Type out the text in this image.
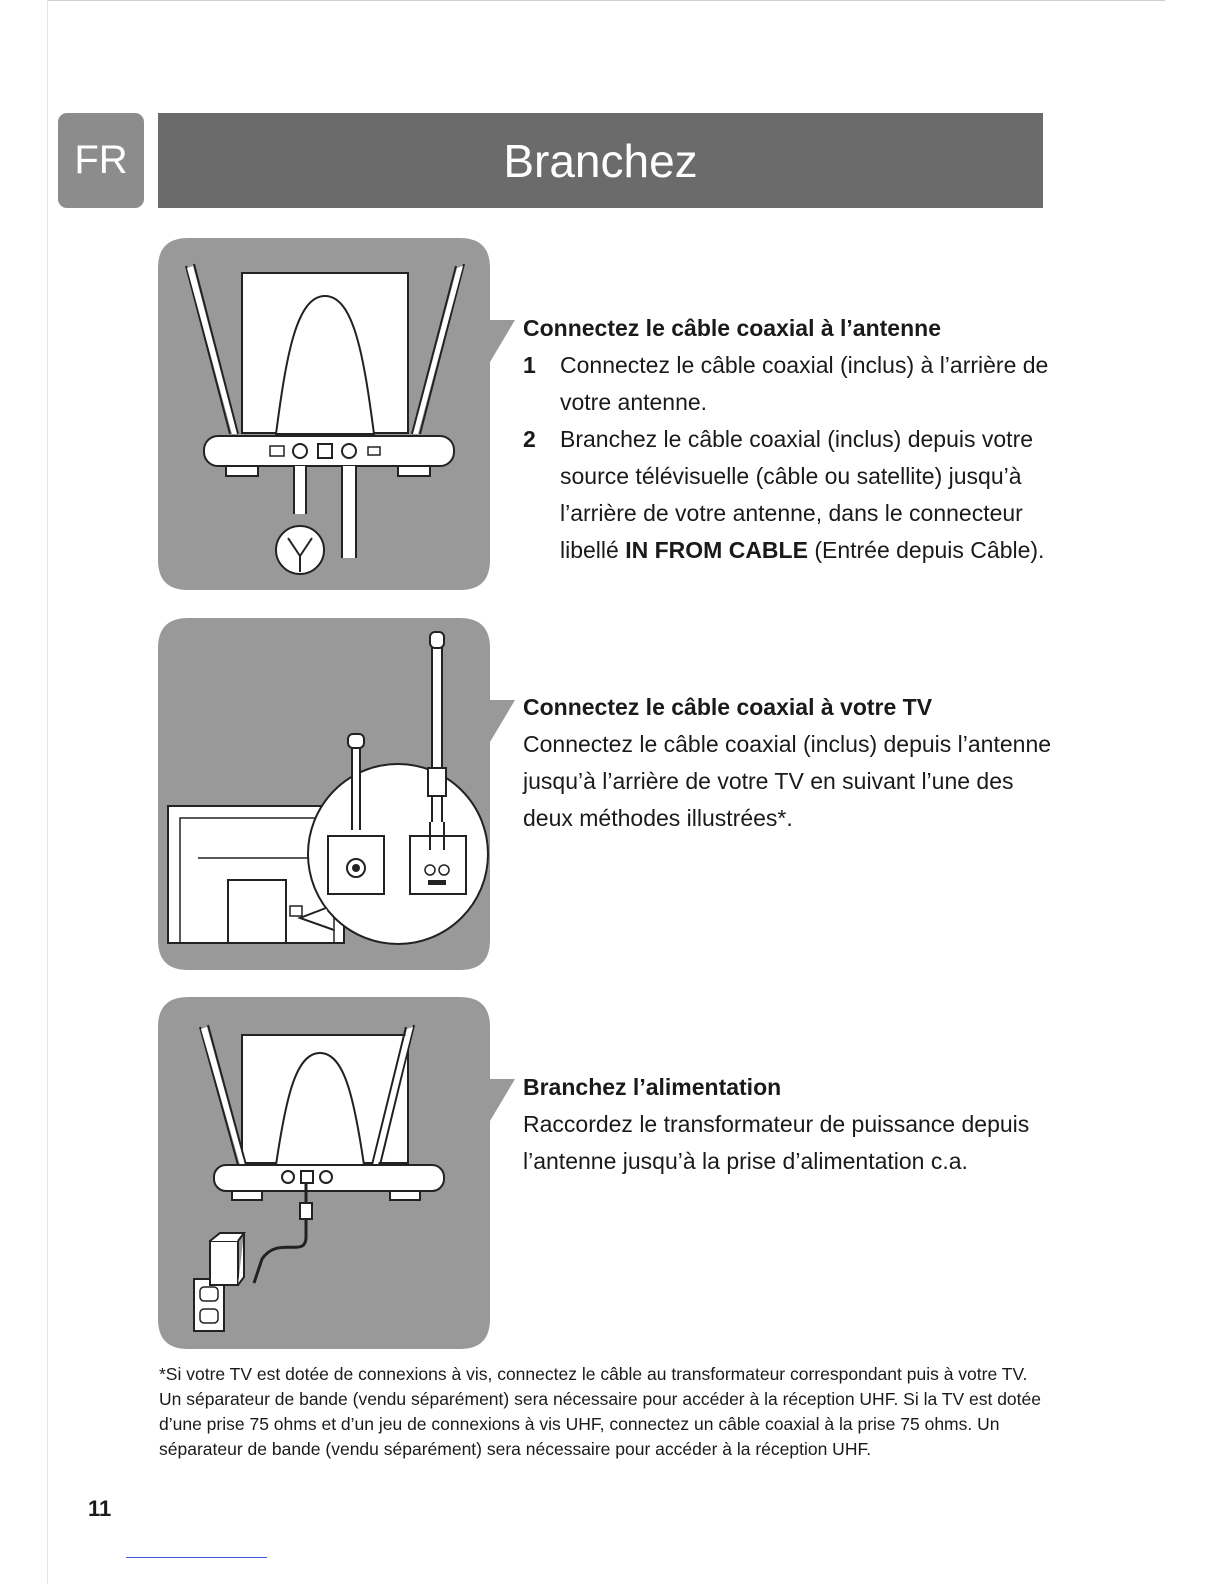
FR	Branchez
Connectez le câble coaxial à l’antenne
1	Connectez le câble coaxial (inclus) à l’arrière de votre antenne.
2	Branchez le câble coaxial (inclus) depuis votre source télévisuelle (câble ou satellite) jusqu’à l’arrière de votre antenne, dans le connecteur libellé IN FROM CABLE (Entrée depuis Câble).
Connectez le câble coaxial à votre TV
Connectez le câble coaxial (inclus) depuis l’antenne jusqu’à l’arrière de votre TV en suivant l’une des deux méthodes illustrées*.
Branchez l’alimentation
Raccordez le transformateur de puissance depuis l’antenne jusqu’à la prise d’alimentation c.a.
*Si votre TV est dotée de connexions à vis, connectez le câble au transformateur correspondant puis à votre TV. Un séparateur de bande (vendu séparément) sera nécessaire pour accéder à la réception UHF. Si la TV est dotée d’une prise 75 ohms et d’un jeu de connexions à vis UHF, connectez un câble coaxial à la prise 75 ohms. Un séparateur de bande (vendu séparément) sera nécessaire pour accéder à la réception UHF.
11
